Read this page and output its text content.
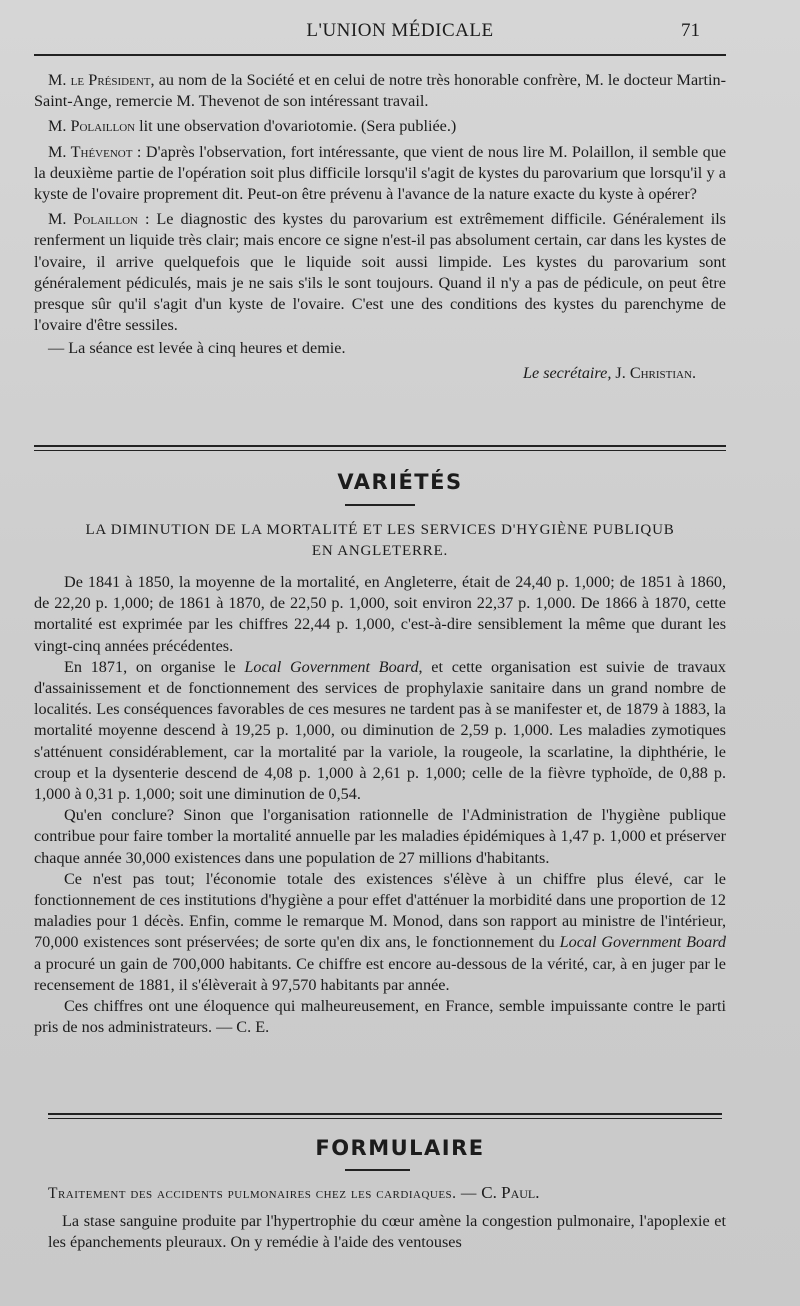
L'UNION MÉDICALE	71

M. le Président, au nom de la Société et en celui de notre très honorable confrère, M. le docteur Martin-Saint-Ange, remercie M. Thevenot de son intéressant travail.

M. Polaillon lit une observation d'ovariotomie. (Sera publiée.)

M. Thévenot : D'après l'observation, fort intéressante, que vient de nous lire M. Polaillon, il semble que la deuxième partie de l'opération soit plus difficile lorsqu'il s'agit de kystes du parovarium que lorsqu'il y a kyste de l'ovaire proprement dit. Peut-on être prévenu à l'avance de la nature exacte du kyste à opérer?

M. Polaillon : Le diagnostic des kystes du parovarium est extrêmement difficile. Généralement ils renferment un liquide très clair; mais encore ce signe n'est-il pas absolument certain, car dans les kystes de l'ovaire, il arrive quelquefois que le liquide soit aussi limpide. Les kystes du parovarium sont généralement pédiculés, mais je ne sais s'ils le sont toujours. Quand il n'y a pas de pédicule, on peut être presque sûr qu'il s'agit d'un kyste de l'ovaire. C'est une des conditions des kystes du parenchyme de l'ovaire d'être sessiles.

— La séance est levée à cinq heures et demie.

Le secrétaire, J. Christian.

VARIÉTÉS
LA DIMINUTION DE LA MORTALITÉ ET LES SERVICES D'HYGIÈNE PUBLIQUB
EN ANGLETERRE.

De 1841 à 1850, la moyenne de la mortalité, en Angleterre, était de 24,40 p. 1,000; de 1851 à 1860, de 22,20 p. 1,000; de 1861 à 1870, de 22,50 p. 1,000, soit environ 22,37 p. 1,000. De 1866 à 1870, cette mortalité est exprimée par les chiffres 22,44 p. 1,000, c'est-à-dire sensiblement la même que durant les vingt-cinq années précédentes.

En 1871, on organise le Local Government Board, et cette organisation est suivie de travaux d'assainissement et de fonctionnement des services de prophylaxie sanitaire dans un grand nombre de localités. Les conséquences favorables de ces mesures ne tardent pas à se manifester et, de 1879 à 1883, la mortalité moyenne descend à 19,25 p. 1,000, ou diminution de 2,59 p. 1,000. Les maladies zymotiques s'atténuent considérablement, car la mortalité par la variole, la rougeole, la scarlatine, la diphthérie, le croup et la dysenterie descend de 4,08 p. 1,000 à 2,61 p. 1,000; celle de la fièvre typhoïde, de 0,88 p. 1,000 à 0,31 p. 1,000; soit une diminution de 0,54.

Qu'en conclure? Sinon que l'organisation rationnelle de l'Administration de l'hygiène publique contribue pour faire tomber la mortalité annuelle par les maladies épidémiques à 1,47 p. 1,000 et préserver chaque année 30,000 existences dans une population de 27 millions d'habitants.

Ce n'est pas tout; l'économie totale des existences s'élève à un chiffre plus élevé, car le fonctionnement de ces institutions d'hygiène a pour effet d'atténuer la morbidité dans une proportion de 12 maladies pour 1 décès. Enfin, comme le remarque M. Monod, dans son rapport au ministre de l'intérieur, 70,000 existences sont préservées; de sorte qu'en dix ans, le fonctionnement du Local Government Board a procuré un gain de 700,000 habitants. Ce chiffre est encore au-dessous de la vérité, car, à en juger par le recensement de 1881, il s'élèverait à 97,570 habitants par année.

Ces chiffres ont une éloquence qui malheureusement, en France, semble impuissante contre le parti pris de nos administrateurs. — C. E.

FORMULAIRE
Traitement des accidents pulmonaires chez les cardiaques. — C. Paul.

La stase sanguine produite par l'hypertrophie du cœur amène la congestion pulmonaire, l'apoplexie et les épanchements pleuraux. On y remédie à l'aide des ventouses
